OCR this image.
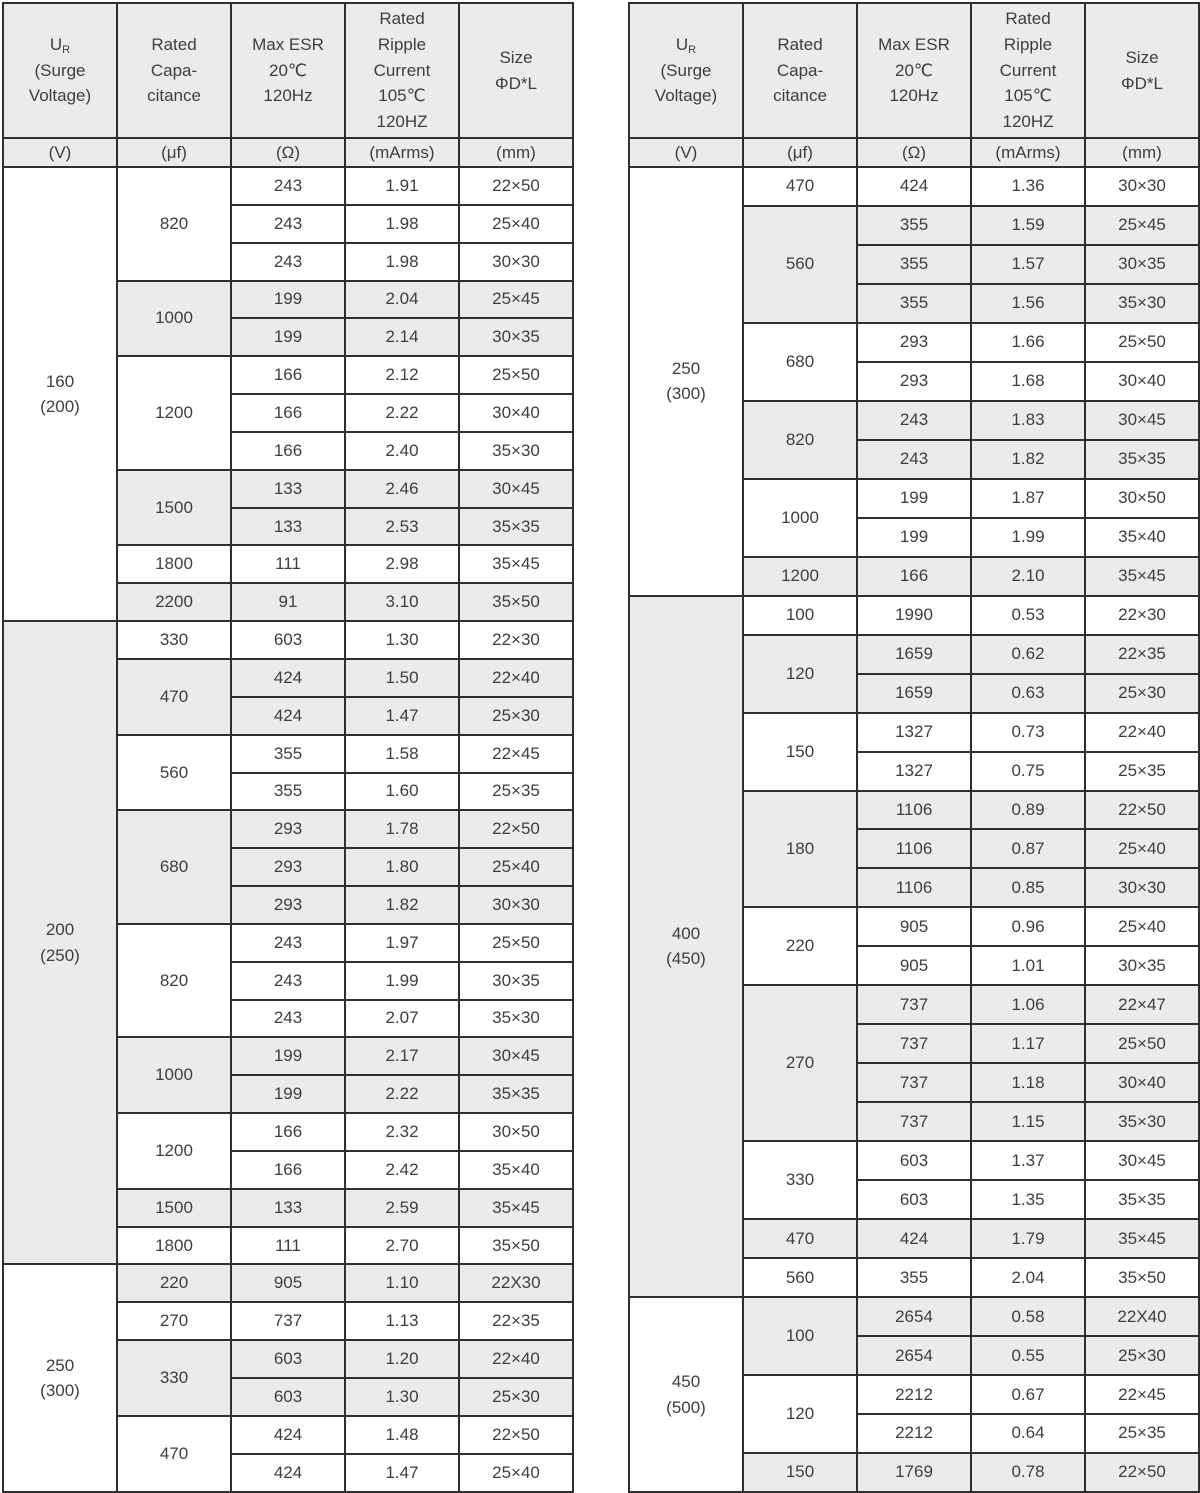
$U_R$
(Surge
Voltage)

Rated
Capa-
citance

Max ESR
20℃
120Hz

Rated
Ripple
Current
105℃
120HZ

Size
ΦD*L

(V)	(μf)	(Ω)	(mArms)	(mm)

160
(200)	820	243	1.91	22×50
		243	1.98	25×40
		243	1.98	30×30
	1000	199	2.04	25×45
		199	2.14	30×35
	1200	166	2.12	25×50
		166	2.22	30×40
		166	2.40	35×30
	1500	133	2.46	30×45
		133	2.53	35×35
	1800	111	2.98	35×45
	2200	91	3.10	35×50

200
(250)	330	603	1.30	22×30
	470	424	1.50	22×40
		424	1.47	25×30
	560	355	1.58	22×45
		355	1.60	25×35
	680	293	1.78	22×50
		293	1.80	25×40
		293	1.82	30×30
	820	243	1.97	25×50
		243	1.99	30×35
		243	2.07	35×30
	1000	199	2.17	30×45
		199	2.22	35×35
	1200	166	2.32	30×50
		166	2.42	35×40
	1500	133	2.59	35×45
	1800	111	2.70	35×50

250
(300)	220	905	1.10	22X30
	270	737	1.13	22×35
	330	603	1.20	22×40
		603	1.30	25×30
	470	424	1.48	22×50
		424	1.47	25×40
$U_R$
(Surge
Voltage)

Rated
Capa-
citance

Max ESR
20℃
120Hz

Rated
Ripple
Current
105℃
120HZ

Size
ΦD*L

(V)	(μf)	(Ω)	(mArms)	(mm)

250
(300)	470	424	1.36	30×30
	560	355	1.59	25×45
		355	1.57	30×35
		355	1.56	35×30
	680	293	1.66	25×50
		293	1.68	30×40
	820	243	1.83	30×45
		243	1.82	35×35
	1000	199	1.87	30×50
		199	1.99	35×40
	1200	166	2.10	35×45

400
(450)	100	1990	0.53	22×30
	120	1659	0.62	22×35
		1659	0.63	25×30
	150	1327	0.73	22×40
		1327	0.75	25×35
	180	1106	0.89	22×50
		1106	0.87	25×40
		1106	0.85	30×30
	220	905	0.96	25×40
		905	1.01	30×35
	270	737	1.06	22×47
		737	1.17	25×50
		737	1.18	30×40
		737	1.15	35×30
	330	603	1.37	30×45
		603	1.35	35×35
	470	424	1.79	35×45
	560	355	2.04	35×50

450
(500)	100	2654	0.58	22X40
		2654	0.55	25×30
	120	2212	0.67	22×45
		2212	0.64	25×35
	150	1769	0.78	22×50
